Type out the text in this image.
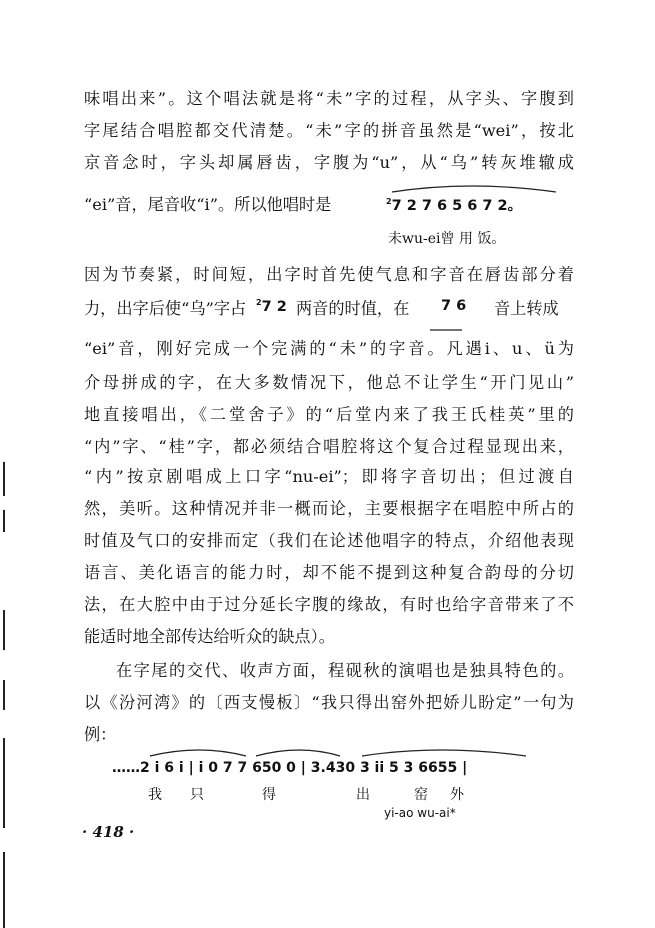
味唱出来”。这个唱法就是将“未”字的过程，从字头、字腹到
字尾结合唱腔都交代清楚。“未”字的拼音虽然是“wei”，按北
京音念时，字头却属唇齿，字腹为“u”，从“乌”转灰堆辙成
“ei”音，尾音收“i”。所以他唱时是	$^2$7 2 7 6 5 6 7 2。
未wu-ei曾 用 饭。
因为节奏紧，时间短，出字时首先使气息和字音在唇齿部分着
力，出字后使“乌”字占	$^2$7 2 两音的时值，在	7 6 音上转成
“ei”音，刚好完成一个完满的“未”的字音。凡遇i、u、ü为
介母拼成的字，在大多数情况下，他总不让学生“开门见山”
地直接唱出，《二堂舍子》的“后堂内来了我王氏桂英”里的
“内”字、“桂”字，都必须结合唱腔将这个复合过程显现出来，
“内”按京剧唱成上口字“nu-ei”；即将字音切出；但过渡自
然，美听。这种情况并非一概而论，主要根据字在唱腔中所占的
时值及气口的安排而定（我们在论述他唱字的特点，介绍他表现
语言、美化语言的能力时，却不能不提到这种复合韵母的分切
法，在大腔中由于过分延长字腹的缘故，有时也给字音带来了不
能适时地全部传达给听众的缺点）。
在字尾的交代、收声方面，程砚秋的演唱也是独具特色的。
以《汾河湾》的〔西支慢板〕“我只得出窑外把娇儿盼定”一句为
例：
……2 i 6 i | i 0 7 7 650 0 | 3.430 3 ii 5 3 6655 |
我 只	得	出	窑 外
yi-ao wu-ai*
· 418 ·
